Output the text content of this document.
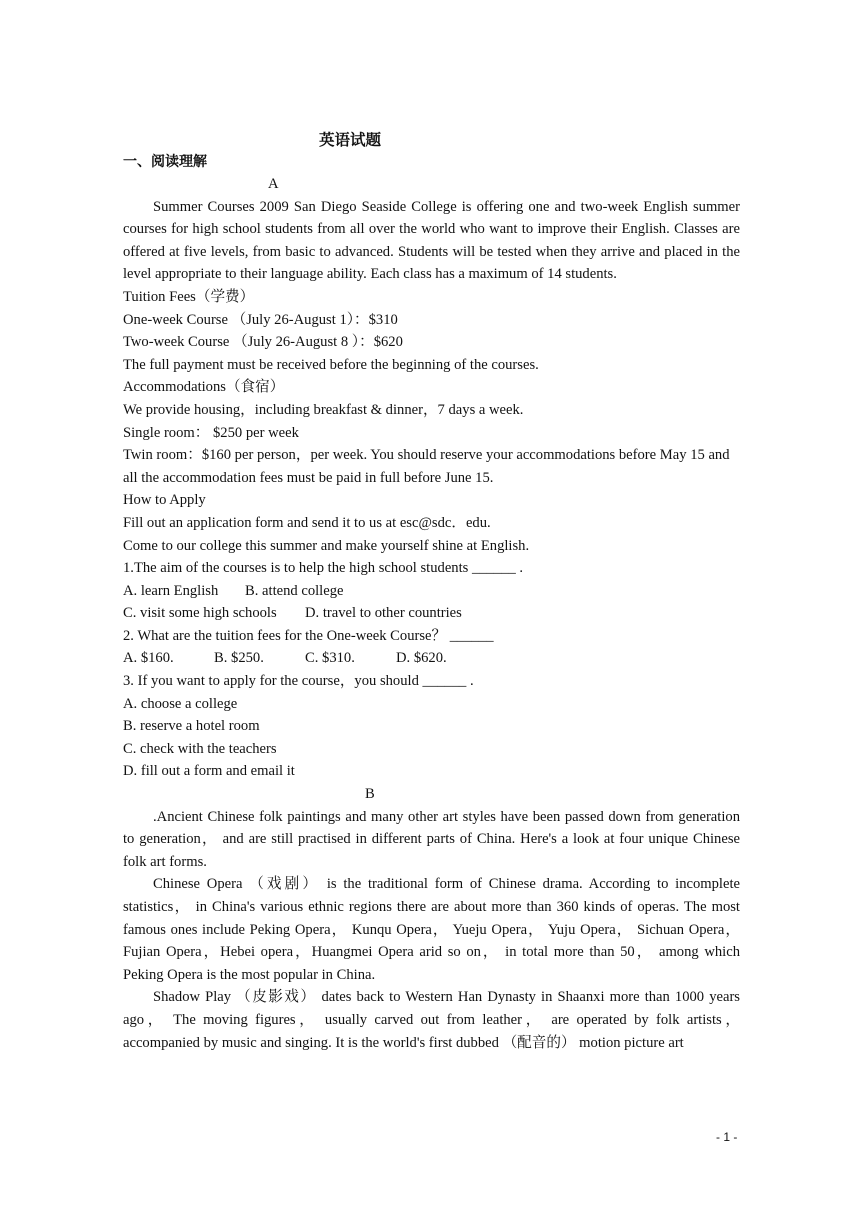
英语试题
一、阅读理解

A

Summer Courses 2009 San Diego Seaside College is offering one and two-week English summer courses for high school students from all over the world who want to improve their English. Classes are offered at five levels, from basic to advanced. Students will be tested when they arrive and placed in the level appropriate to their language ability. Each class has a maximum of 14 students.

Tuition Fees（学费）

One-week Course （July 26-August 1）：$310

Two-week Course （July 26-August 8 ）：$620

The full payment must be received before the beginning of the courses.

Accommodations（食宿）

We provide housing，including breakfast & dinner，7 days a week.

Single room： $250 per week

Twin room：$160 per person，per week. You should reserve your accommodations before May 15 and all the accommodation fees must be paid in full before June 15.

How to Apply

Fill out an application form and send it to us at esc@sdc．edu.

Come to our college this summer and make yourself shine at English.

1.The aim of the courses is to help the high school students ______ .

A. learn English B. attend college

C. visit some high schools D. travel to other countries

2. What are the tuition fees for the One-week Course？ ______

A. $160.	B. $250.	C. $310.	D. $620.

3. If you want to apply for the course，you should ______ .

A. choose a college

B. reserve a hotel room

C. check with the teachers

D. fill out a form and email it

B

.Ancient Chinese folk paintings and many other art styles have been passed down from generation to generation， and are still practised in different parts of China. Here's a look at four unique Chinese folk art forms.

Chinese Opera （戏剧） is the traditional form of Chinese drama. According to incomplete statistics， in China's various ethnic regions there are about more than 360 kinds of operas. The most famous ones include Peking Opera， Kunqu Opera， Yueju Opera， Yuju Opera， Sichuan Opera，Fujian Opera，Hebei opera，Huangmei Opera arid so on， in total more than 50， among which Peking Opera is the most popular in China.

Shadow Play （皮影戏） dates back to Western Han Dynasty in Shaanxi more than 1000 years ago， The moving figures， usually carved out from leather， are operated by folk artists， accompanied by music and singing. It is the world's first dubbed （配音的） motion picture art

- 1 -
